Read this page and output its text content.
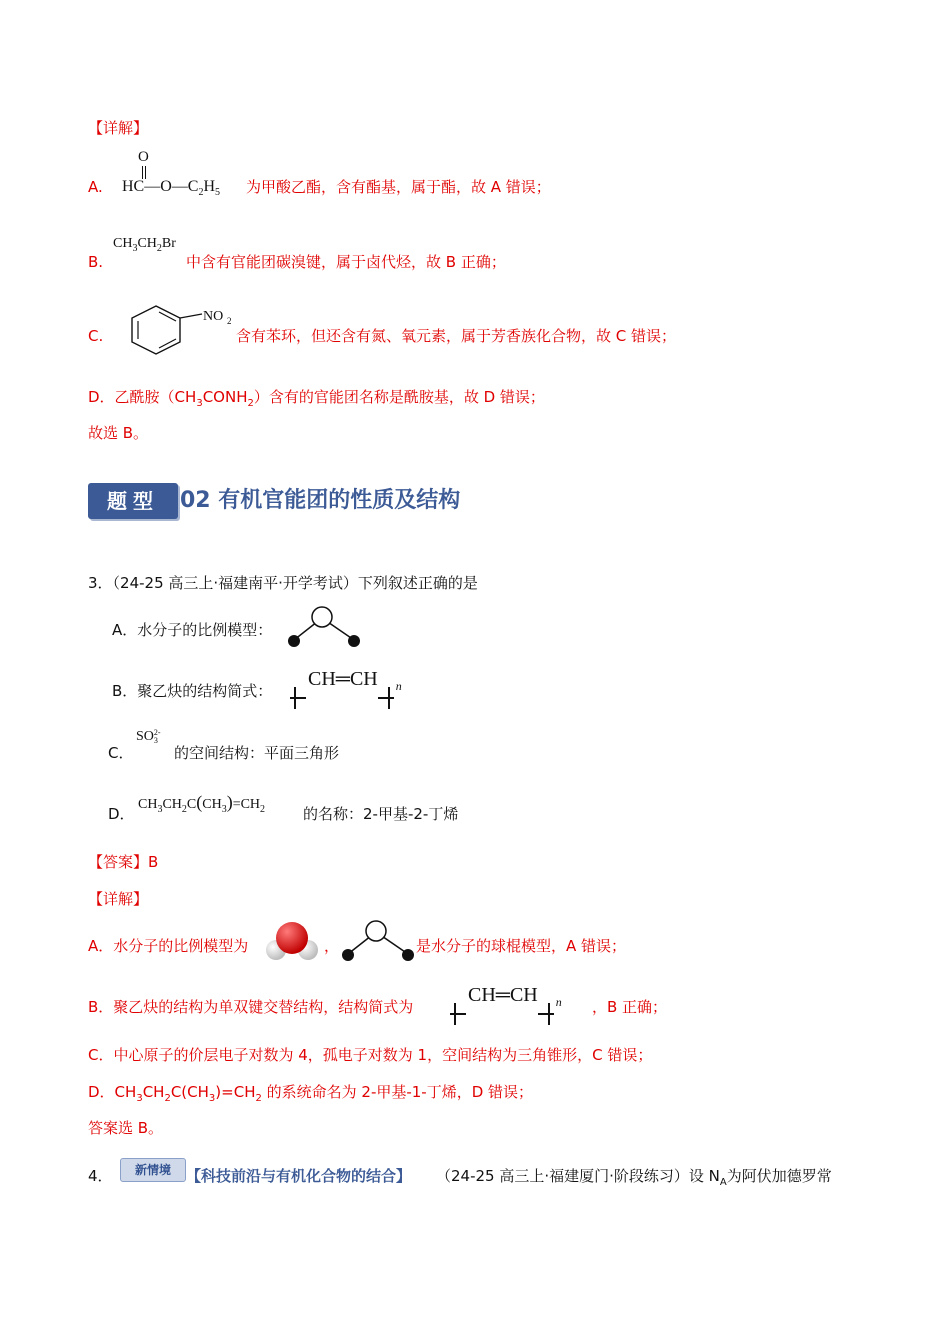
【详解】
A.
O
$HC—O—C_2H_5$ 为甲酸乙酯，含有酯基，属于酯，故 A 错误；
B.
$CH_3CH_2Br$
中含有官能团碳溴键，属于卤代烃，故 B 正确；
C.
NO 2
含有苯环，但还含有氮、氧元素，属于芳香族化合物，故 C 错误；
D．乙酰胺$(CH_3CONH_2)$含有的官能团名称是酰胺基，故 D 错误；
故选 B。
题型 02 有机官能团的性质及结构
3．（24-25 高三上·福建南平·开学考试）下列叙述正确的是
A．水分子的比例模型：
B．聚乙炔的结构简式：
CH═CH $_n$
C．
SO 2-
3
的空间结构：平面三角形
D．
$CH_3CH_2C(CH_3)=CH_2$	的名称：2-甲基-2-丁烯
【答案】B
【详解】
A．水分子的比例模型为	，	是水分子的球棍模型，A 错误；
B．聚乙炔的结构为单双键交替结构，结构简式为
CH═CH $_n$ ，B 正确；
C．中心原子的价层电子对数为 4，孤电子对数为 1，空间结构为三角锥形，C 错误；
D．$CH_3CH_2C(CH_3)=CH_2$ 的系统命名为 2-甲基-1-丁烯，D 错误；
答案选 B。
4．	新情境	【科技前沿与有机化合物的结合】 （24-25 高三上·福建厦门·阶段练习）设 $N_A$为阿伏加德罗常
